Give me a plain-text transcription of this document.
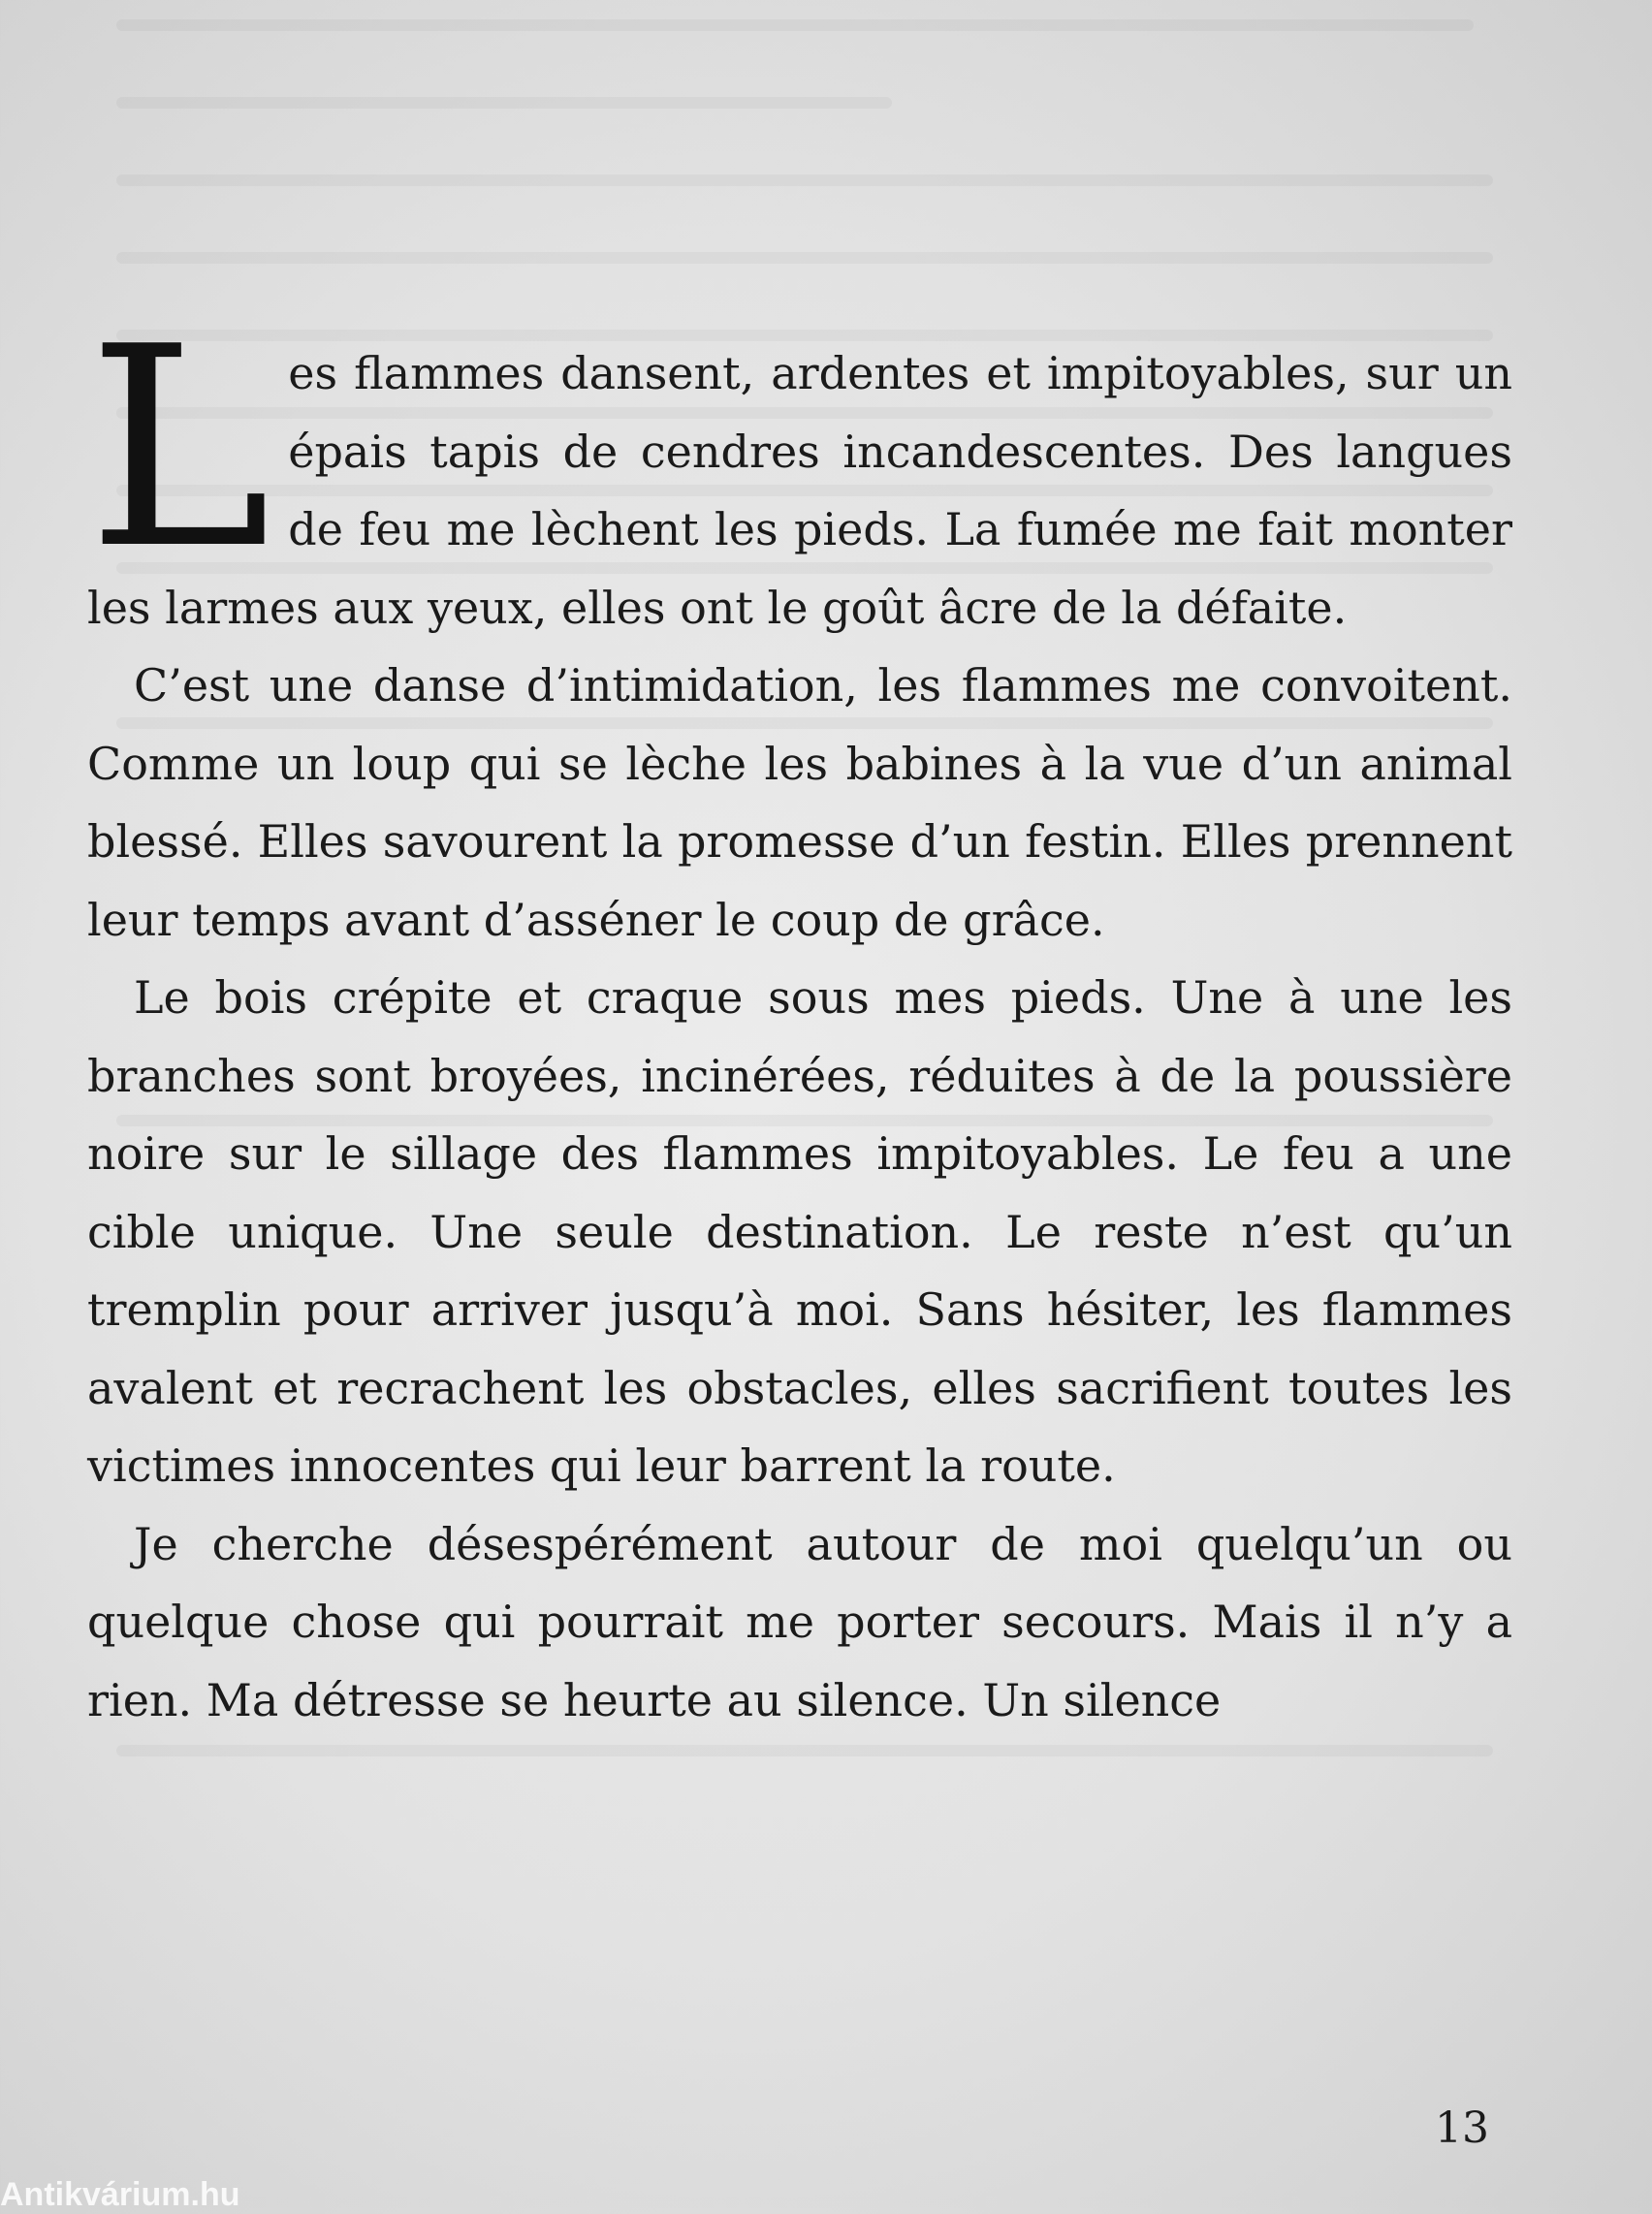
L es flammes dansent, ardentes et impitoyables, sur un épais tapis de cendres incandescentes. Des langues de feu me lèchent les pieds. La fumée me fait monter les larmes aux yeux, elles ont le goût âcre de la défaite.

C’est une danse d’intimidation, les flammes me convoitent. Comme un loup qui se lèche les babines à la vue d’un animal blessé. Elles savourent la promesse d’un festin. Elles prennent leur temps avant d’asséner le coup de grâce.

Le bois crépite et craque sous mes pieds. Une à une les branches sont broyées, incinérées, réduites à de la poussière noire sur le sillage des flammes impitoyables. Le feu a une cible unique. Une seule destination. Le reste n’est qu’un tremplin pour arriver jusqu’à moi. Sans hésiter, les flammes avalent et recrachent les obstacles, elles sacrifient toutes les victimes innocentes qui leur barrent la route.

Je cherche désespérément autour de moi quelqu’un ou quelque chose qui pourrait me porter secours. Mais il n’y a rien. Ma détresse se heurte au silence. Un silence

13
Antikvárium.hu
